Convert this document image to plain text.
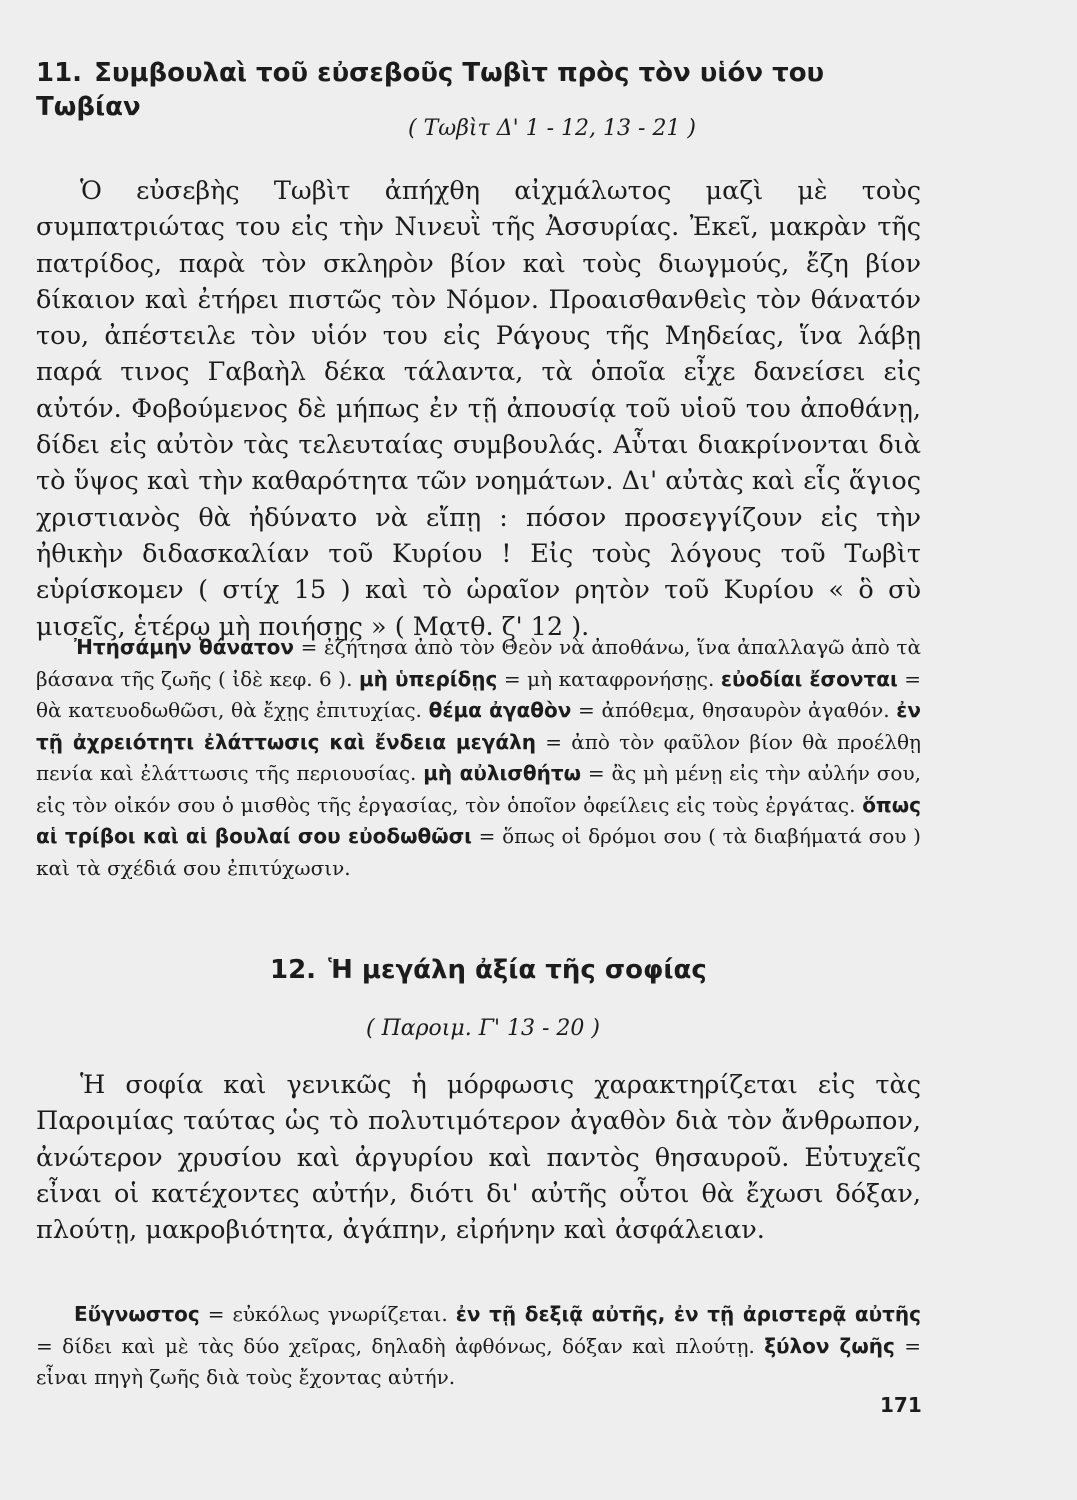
11. Συμβουλαὶ τοῦ εὐσεβοῦς Τωβὶτ πρὸς τὸν υἱόν του Τωβίαν
( Τωβὶτ Δ' 1 - 12, 13 - 21 )

Ὁ εὐσεβὴς Τωβὶτ ἀπήχθη αἰχμάλωτος μαζὶ μὲ τοὺς συμπατριώτας του εἰς τὴν Νινευῒ τῆς Ἀσσυρίας. Ἐκεῖ, μακρὰν τῆς πατρίδος, παρὰ τὸν σκληρὸν βίον καὶ τοὺς διωγμούς, ἔζη βίον δίκαιον καὶ ἐτήρει πιστῶς τὸν Νόμον. Προαισθανθεὶς τὸν θάνατόν του, ἀπέστειλε τὸν υἱόν του εἰς Ράγους τῆς Μηδείας, ἵνα λάβῃ παρά τινος Γαβαὴλ δέκα τάλαντα, τὰ ὁποῖα εἶχε δανείσει εἰς αὐτόν. Φοβούμενος δὲ μήπως ἐν τῇ ἀπουσίᾳ τοῦ υἱοῦ του ἀποθάνῃ, δίδει εἰς αὐτὸν τὰς τελευταίας συμβουλάς. Αὗται διακρίνονται διὰ τὸ ὕψος καὶ τὴν καθαρότητα τῶν νοημάτων. Δι' αὐτὰς καὶ εἷς ἅγιος χριστιανὸς θὰ ἠδύνατο νὰ εἴπῃ : πόσον προσεγγίζουν εἰς τὴν ἠθικὴν διδασκαλίαν τοῦ Κυρίου ! Εἰς τοὺς λόγους τοῦ Τωβὶτ εὑρίσκομεν ( στίχ 15 ) καὶ τὸ ὡραῖον ρητὸν τοῦ Κυρίου « ὃ σὺ μισεῖς, ἑτέρῳ μὴ ποιήσῃς » ( Ματθ. ζ' 12 ).

Ἠτησάμην θάνατον = ἐζήτησα ἀπὸ τὸν Θεὸν νὰ ἀποθάνω, ἵνα ἀπαλλαγῶ ἀπὸ τὰ βάσανα τῆς ζωῆς ( ἰδὲ κεφ. 6 ). μὴ ὑπερίδῃς = μὴ καταφρονήσῃς. εὐοδίαι ἔσονται = θὰ κατευοδωθῶσι, θὰ ἔχῃς ἐπιτυχίας. θέμα ἀγαθὸν = ἀπόθεμα, θησαυρὸν ἀγαθόν. ἐν τῇ ἀχρειότητι ἐλάττωσις καὶ ἔνδεια μεγάλη = ἀπὸ τὸν φαῦλον βίον θὰ προέλθῃ πενία καὶ ἐλάττωσις τῆς περιουσίας. μὴ αὐλισθήτω = ἂς μὴ μένῃ εἰς τὴν αὐλήν σου, εἰς τὸν οἰκόν σου ὁ μισθὸς τῆς ἐργασίας, τὸν ὁποῖον ὀφείλεις εἰς τοὺς ἐργάτας. ὅπως αἱ τρίβοι καὶ αἱ βουλαί σου εὐοδωθῶσι = ὅπως οἱ δρόμοι σου ( τὰ διαβήματά σου ) καὶ τὰ σχέδιά σου ἐπιτύχωσιν.

12. Ἡ μεγάλη ἀξία τῆς σοφίας
( Παροιμ. Γ' 13 - 20 )

Ἡ σοφία καὶ γενικῶς ἡ μόρφωσις χαρακτηρίζεται εἰς τὰς Παροιμίας ταύτας ὡς τὸ πολυτιμότερον ἀγαθὸν διὰ τὸν ἄνθρωπον, ἀνώτερον χρυσίου καὶ ἀργυρίου καὶ παντὸς θησαυροῦ. Εὐτυχεῖς εἶναι οἱ κατέχοντες αὐτήν, διότι δι' αὐτῆς οὗτοι θὰ ἔχωσι δόξαν, πλούτῃ, μακροβιότητα, ἀγάπην, εἰρήνην καὶ ἀσφάλειαν.

Εὔγνωστος = εὐκόλως γνωρίζεται. ἐν τῇ δεξιᾷ αὐτῆς, ἐν τῇ ἀριστερᾷ αὐτῆς = δίδει καὶ μὲ τὰς δύο χεῖρας, δηλαδὴ ἀφθόνως, δόξαν καὶ πλούτῃ. ξύλον ζωῆς = εἶναι πηγὴ ζωῆς διὰ τοὺς ἔχοντας αὐτήν.

171
